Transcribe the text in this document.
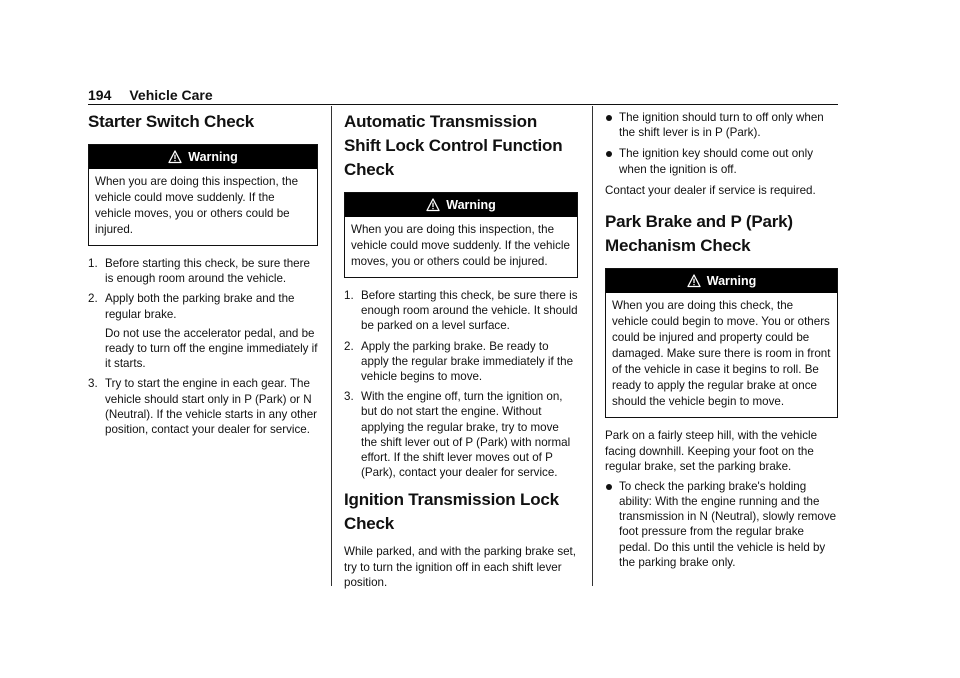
194 Vehicle Care
Starter Switch Check
Warning
When you are doing this inspection, the vehicle could move suddenly. If the vehicle moves, you or others could be injured.
1. Before starting this check, be sure there is enough room around the vehicle.
2. Apply both the parking brake and the regular brake.
Do not use the accelerator pedal, and be ready to turn off the engine immediately if it starts.
3. Try to start the engine in each gear. The vehicle should start only in P (Park) or N (Neutral). If the vehicle starts in any other position, contact your dealer for service.
Automatic Transmission Shift Lock Control Function Check
Warning
When you are doing this inspection, the vehicle could move suddenly. If the vehicle moves, you or others could be injured.
1. Before starting this check, be sure there is enough room around the vehicle. It should be parked on a level surface.
2. Apply the parking brake. Be ready to apply the regular brake immediately if the vehicle begins to move.
3. With the engine off, turn the ignition on, but do not start the engine. Without applying the regular brake, try to move the shift lever out of P (Park) with normal effort. If the shift lever moves out of P (Park), contact your dealer for service.
Ignition Transmission Lock Check

While parked, and with the parking brake set, try to turn the ignition off in each shift lever position.

The ignition should turn to off only when the shift lever is in P (Park).
The ignition key should come out only when the ignition is off.

Contact your dealer if service is required.

Park Brake and P (Park) Mechanism Check
Warning
When you are doing this check, the vehicle could begin to move. You or others could be injured and property could be damaged. Make sure there is room in front of the vehicle in case it begins to roll. Be ready to apply the regular brake at once should the vehicle begin to move.

Park on a fairly steep hill, with the vehicle facing downhill. Keeping your foot on the regular brake, set the parking brake.

To check the parking brake's holding ability: With the engine running and the transmission in N (Neutral), slowly remove foot pressure from the regular brake pedal. Do this until the vehicle is held by the parking brake only.
